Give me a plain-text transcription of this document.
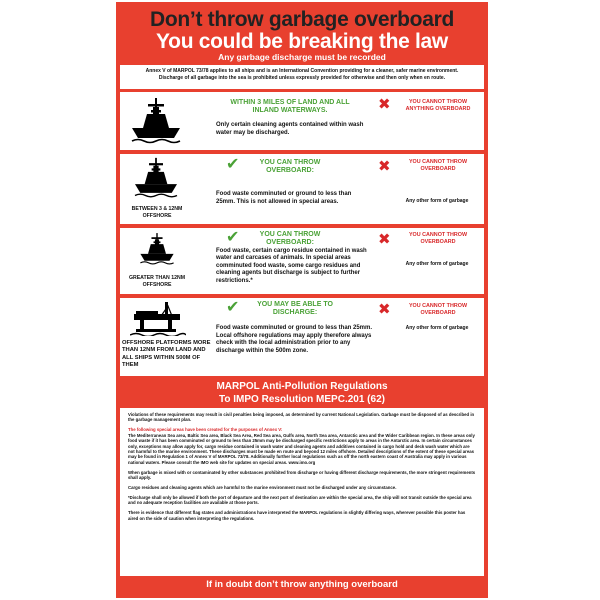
Don’t throw garbage overboard
You could be breaking the law
Any garbage discharge must be recorded
Annex V of MARPOL 73/78 applies to all ships and is an International Convention providing for a cleaner, safer marine environment.
Discharge of all garbage into the sea is prohibited unless expressly provided for otherwise and then only when en route.
WITHIN 3 MILES OF LAND AND ALL INLAND WATERWAYS.
Only certain cleaning agents contained within wash water may be discharged.
✖	YOU CANNOT THROW ANYTHING OVERBOARD
BETWEEN 3 & 12NM OFFSHORE
✔	YOU CAN THROW OVERBOARD:
Food waste comminuted or ground to less than 25mm. This is not allowed in special areas.
✖	YOU CANNOT THROW OVERBOARD
Any other form of garbage
GREATER THAN 12NM OFFSHORE
✔	YOU CAN THROW OVERBOARD:
Food waste, certain cargo residue contained in wash water and carcases of animals. In special areas comminuted food waste, some cargo residues and cleaning agents but discharge is subject to further restrictions.*
✖	YOU CANNOT THROW OVERBOARD
Any other form of garbage
OFFSHORE PLATFORMS MORE THAN 12NM FROM LAND AND ALL SHIPS WITHIN 500M OF THEM
✔	YOU MAY BE ABLE TO DISCHARGE:
Food waste comminuted or ground to less than 25mm. Local offshore regulations may apply therefore always check with the local administration prior to any discharge within the 500m zone.
✖	YOU CANNOT THROW OVERBOARD
Any other form of garbage
MARPOL Anti-Pollution Regulations
To IMPO Resolution MEPC.201 (62)

Violations of these requirements may result in civil penalties being imposed, as determined by current National Legislation. Garbage must be disposed of as described in the garbage management plan.

The following special areas have been created for the purposes of Annex V:

The Mediterranean Sea area, Baltic Sea area, Black Sea Area, Red Sea area, Gulfs area, North Sea area, Antarctic area and the Wider Caribbean region. In these areas only food waste if it has been comminuted or ground to less than 25mm may be discharged specific restrictions apply to areas in the Antarctic area. In certain circumstances only, exceptions may allow apply for, cargo residue contained in wash water and cleaning agents and additives contained in cargo hold and deck wash water which are not harmful to the marine environment. These discharges must be made en route and beyond 12 miles offshore. Detailed descriptions of the extent of these special areas may be found in Regulation 1 of Annex V of MARPOL 73/78. Additionally further local regulations such as off the north eastern coast of Australia may apply in various national waters. Please consult the IMO web site for updates on special areas. www.imo.org

When garbage is mixed with or contaminated by other substances prohibited from discharge or having different discharge requirements, the more stringent requirements shall apply.

Cargo residues and cleaning agents which are harmful to the marine environment must not be discharged under any circumstance.

*Discharge shall only be allowed if both the port of departure and the next port of destination are within the special area, the ship will not transit outside the special area and no adequate reception facilities are available at those ports.

There is evidence that different flag states and administrations have interpreted the MARPOL regulations in slightly differing ways, wherever possible this poster has aired on the side of caution when interpreting the regulations.

If in doubt don’t throw anything overboard
